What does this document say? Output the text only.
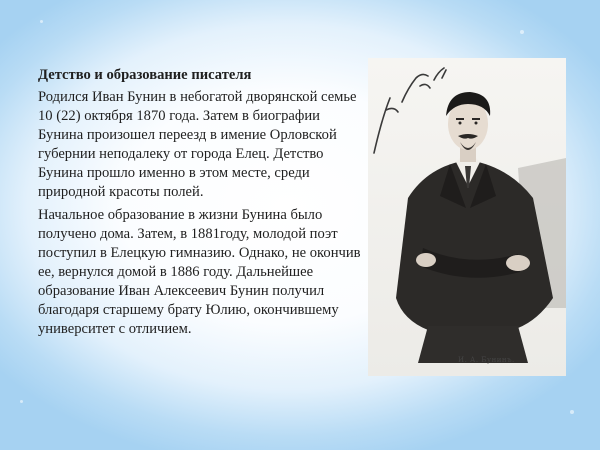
Детство и образование писателя

Родился Иван Бунин в небогатой дворянской семье 10 (22) октября 1870 года. Затем в биографии Бунина произошел переезд в имение Орловской губернии неподалеку от города Елец. Детство Бунина прошло именно в этом месте, среди природной красоты полей.

Начальное образование в жизни Бунина было получено дома. Затем, в 1881году, молодой поэт поступил в Елецкую гимназию. Однако, не окончив ее, вернулся домой в 1886 году. Дальнейшее образование Иван Алексеевич Бунин получил благодаря старшему брату Юлию, окончившему университет с отличием.

И. А. Бунинъ.
